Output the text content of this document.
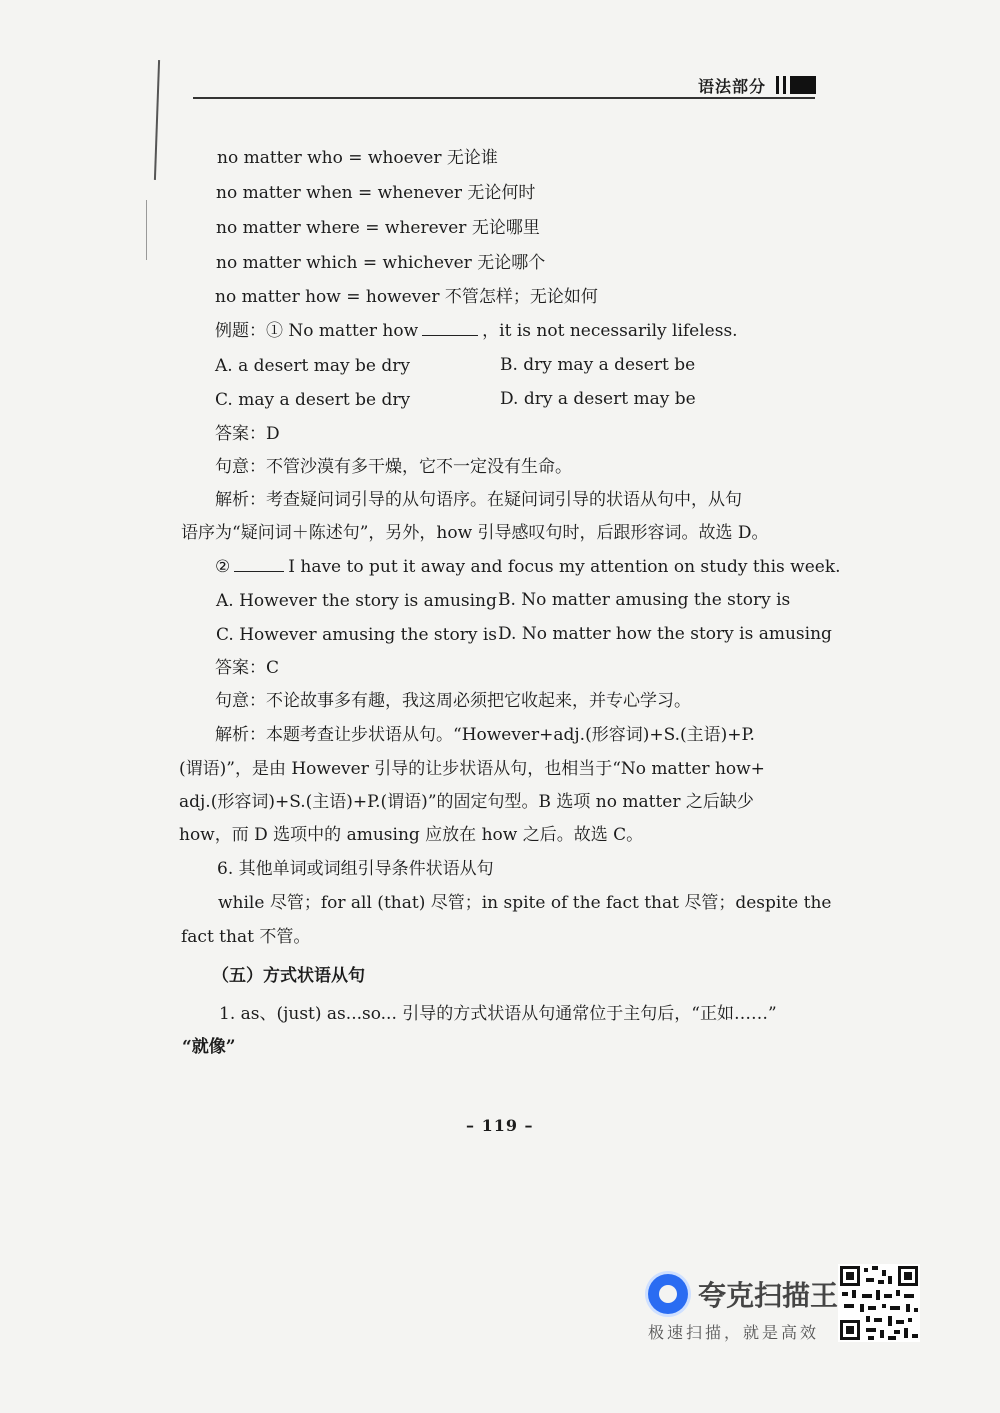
语法部分
no matter who = whoever 无论谁
no matter when = whenever 无论何时
no matter where = wherever 无论哪里
no matter which = whichever 无论哪个
no matter how = however 不管怎样；无论如何
例题：① No matter how	，it is not necessarily lifeless.
A. a desert may be dry	B. dry may a desert be
C. may a desert be dry	D. dry a desert may be
答案：D
句意：不管沙漠有多干燥，它不一定没有生命。
解析：考查疑问词引导的从句语序。在疑问词引导的状语从句中，从句
语序为“疑问词＋陈述句”，另外，how 引导感叹句时，后跟形容词。故选 D。
②	I have to put it away and focus my attention on study this week.
A. However the story is amusing B. No matter amusing the story is
C. However amusing the story is D. No matter how the story is amusing
答案：C
句意：不论故事多有趣，我这周必须把它收起来，并专心学习。
解析：本题考查让步状语从句。“However+adj.(形容词)+S.(主语)+P.
(谓语)”，是由 However 引导的让步状语从句，也相当于“No matter how+
adj.(形容词)+S.(主语)+P.(谓语)”的固定句型。B 选项 no matter 之后缺少
how，而 D 选项中的 amusing 应放在 how 之后。故选 C。
6. 其他单词或词组引导条件状语从句
while 尽管；for all (that) 尽管；in spite of the fact that 尽管；despite the
fact that 不管。
（五）方式状语从句
1. as、(just) as...so... 引导的方式状语从句通常位于主句后，“正如……”
“就像”
– 119 –
夸克扫描王
极速扫描，就是高效
